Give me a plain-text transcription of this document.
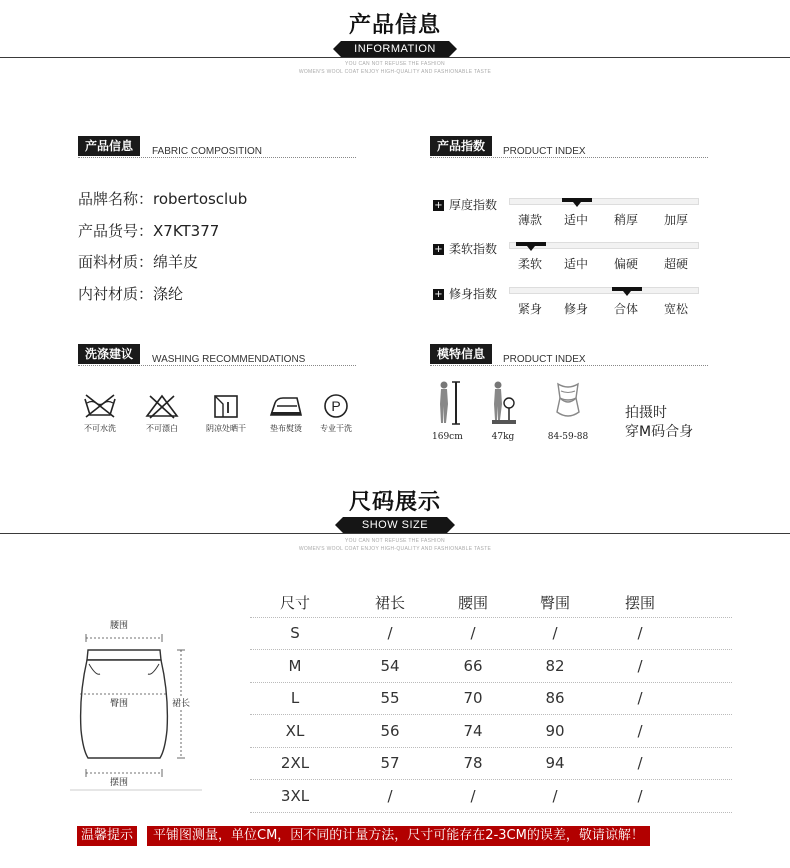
产品信息
INFORMATION
YOU CAN NOT REFUSE THE FASHION
WOMEN'S WOOL COAT ENJOY HIGH-QUALITY AND FASHIONABLE TASTE
产品信息	FABRIC COMPOSITION
品牌名称：robertosclub
产品货号：X7KT377
面料材质：绵羊皮
内衬材质：涤纶
产品指数	PRODUCT INDEX
+ 厚度指数
薄款	适中	稍厚	加厚
+ 柔软指数
柔软	适中	偏硬	超硬
+ 修身指数
紧身	修身	合体	宽松
洗涤建议	WASHING RECOMMENDATIONS
不可水洗	不可漂白	阴凉处晒干	垫布熨烫
P
专业干洗
模特信息	PRODUCT INDEX
169cm	47kg	84-59-88
拍摄时
穿M码合身
尺码展示
SHOW SIZE
YOU CAN NOT REFUSE THE FASHION
WOMEN'S WOOL COAT ENJOY HIGH-QUALITY AND FASHIONABLE TASTE
腰围
臀围	裙长
摆围
尺寸	裙长	腰围	臀围	摆围
S	/	/	/	/
M	54	66	82	/
L	55	70	86	/
XL	56	74	90	/
2XL	57	78	94	/
3XL	/	/	/	/
温馨提示	平铺图测量，单位CM，因不同的计量方法，尺寸可能存在2-3CM的误差，敬请谅解！
